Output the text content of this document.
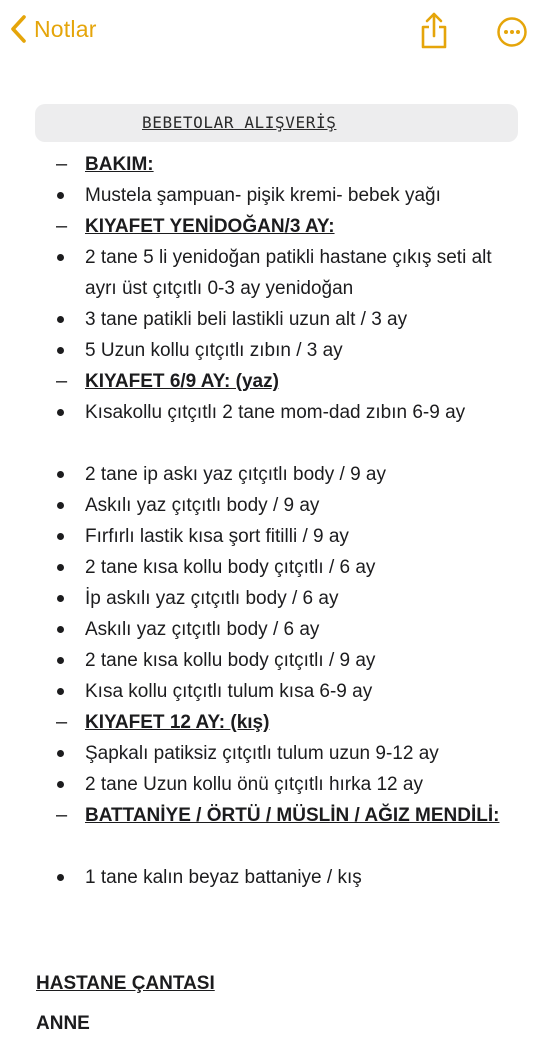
Notlar
BEBETOLAR ALIŞVERİŞ
– BAKIM:
Mustela şampuan- pişik kremi- bebek yağı
– KIYAFET YENİDOĞAN/3 AY:
2 tane 5 li yenidoğan patikli hastane çıkış seti alt ayrı üst çıtçıtlı 0-3 ay yenidoğan
3 tane patikli beli lastikli uzun alt / 3 ay
5 Uzun kollu çıtçıtlı zıbın / 3 ay
– KIYAFET 6/9 AY: (yaz)
Kısakollu çıtçıtlı 2 tane mom-dad zıbın 6-9 ay
2 tane ip askı yaz çıtçıtlı body / 9 ay
Askılı yaz çıtçıtlı body / 9 ay
Fırfırlı lastik kısa şort fitilli / 9 ay
2 tane kısa kollu body çıtçıtlı / 6 ay
İp askılı yaz çıtçıtlı body / 6 ay
Askılı yaz çıtçıtlı body / 6 ay
2 tane kısa kollu body çıtçıtlı / 9 ay
Kısa kollu çıtçıtlı tulum kısa 6-9 ay
– KIYAFET 12 AY: (kış)
Şapkalı patiksiz çıtçıtlı tulum uzun 9-12 ay
2 tane Uzun kollu önü çıtçıtlı hırka 12 ay
– BATTANİYE / ÖRTÜ / MÜSLİN / AĞIZ MENDİLİ:
1 tane kalın beyaz battaniye / kış
HASTANE ÇANTASI
ANNE
